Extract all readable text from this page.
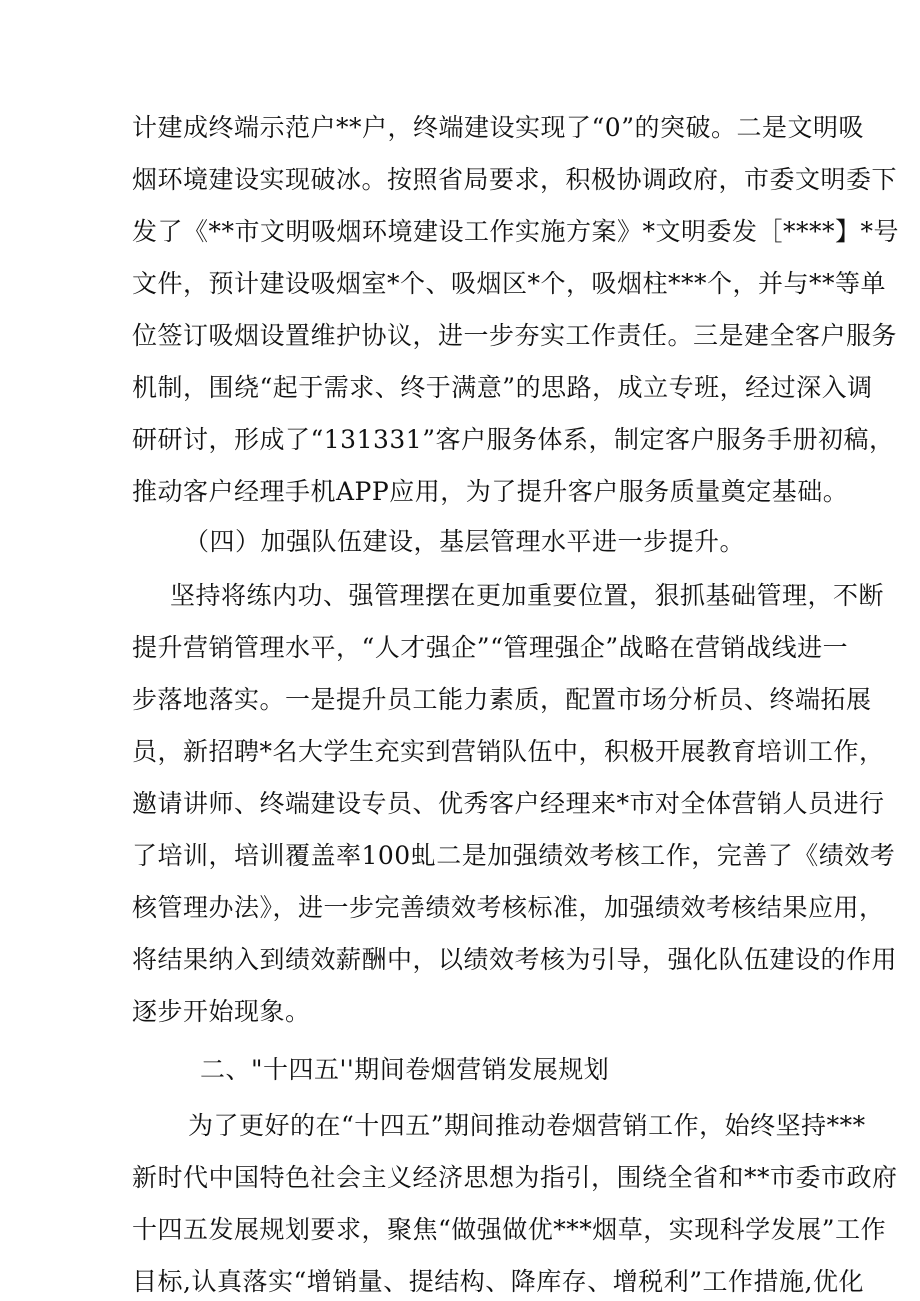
计建成终端示范户**户，终端建设实现了“0”的突破。二是文明吸
烟环境建设实现破冰。按照省局要求，积极协调政府，市委文明委下
发了《**市文明吸烟环境建设工作实施方案》*文明委发［****】*号
文件，预计建设吸烟室*个、吸烟区*个，吸烟柱***个，并与**等单
位签订吸烟设置维护协议，进一步夯实工作责任。三是建全客户服务
机制，围绕“起于需求、终于满意”的思路，成立专班，经过深入调
研研讨，形成了“131331”客户服务体系，制定客户服务手册初稿，
推动客户经理手机APP应用，为了提升客户服务质量奠定基础。
（四）加强队伍建设，基层管理水平进一步提升。
坚持将练内功、强管理摆在更加重要位置，狠抓基础管理，不断
提升营销管理水平，“人才强企”“管理强企”战略在营销战线进一
步落地落实。一是提升员工能力素质，配置市场分析员、终端拓展
员，新招聘*名大学生充实到营销队伍中，积极开展教育培训工作，
邀请讲师、终端建设专员、优秀客户经理来*市对全体营销人员进行
了培训，培训覆盖率100虬二是加强绩效考核工作，完善了《绩效考
核管理办法》，进一步完善绩效考核标准，加强绩效考核结果应用，
将结果纳入到绩效薪酬中，以绩效考核为引导，强化队伍建设的作用
逐步开始现象。
二、"十四五''期间卷烟营销发展规划
为了更好的在“十四五”期间推动卷烟营销工作，始终坚持***
新时代中国特色社会主义经济思想为指引，围绕全省和**市委市政府
十四五发展规划要求，聚焦“做强做优***烟草，实现科学发展”工作
目标,认真落实“增销量、提结构、降库存、增税利”工作措施,优化
